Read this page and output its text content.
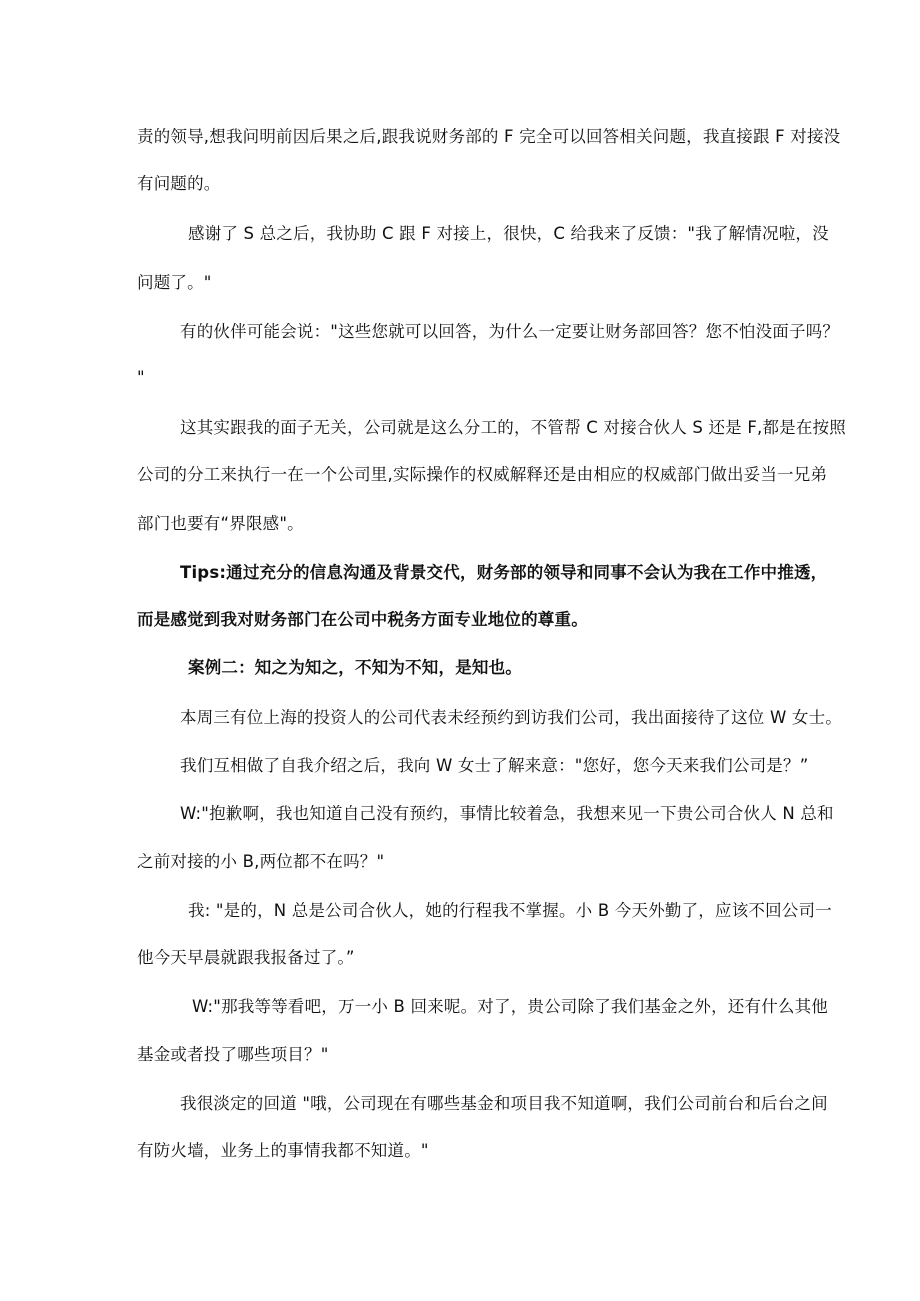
责的领导,想我问明前因后果之后,跟我说财务部的 F 完全可以回答相关问题，我直接跟 F 对接没
有问题的。
感谢了 S 总之后，我协助 C 跟 F 对接上，很快，C 给我来了反馈："我了解情况啦，没
问题了。"
有的伙伴可能会说："这些您就可以回答，为什么一定要让财务部回答？您不怕没面子吗？
"
这其实跟我的面子无关，公司就是这么分工的，不管帮 C 对接合伙人 S 还是 F,都是在按照
公司的分工来执行一在一个公司里,实际操作的权威解释还是由相应的权威部门做出妥当一兄弟
部门也要有“界限感"。
Tips:通过充分的信息沟通及背景交代，财务部的领导和同事不会认为我在工作中推透，
而是感觉到我对财务部门在公司中税务方面专业地位的尊重。
案例二：知之为知之，不知为不知，是知也。
本周三有位上海的投资人的公司代表未经预约到访我们公司，我出面接待了这位 W 女士。
我们互相做了自我介绍之后，我向 W 女士了解来意："您好，您今天来我们公司是？”
W:"抱歉啊，我也知道自己没有预约，事情比较着急，我想来见一下贵公司合伙人 N 总和
之前对接的小 B,两位都不在吗？"
我: "是的，N 总是公司合伙人，她的行程我不掌握。小 B 今天外勤了，应该不回公司一
他今天早晨就跟我报备过了。”
W:"那我等等看吧，万一小 B 回来呢。对了，贵公司除了我们基金之外，还有什么其他
基金或者投了哪些项目？"
我很淡定的回道 "哦，公司现在有哪些基金和项目我不知道啊，我们公司前台和后台之间
有防火墙，业务上的事情我都不知道。"
